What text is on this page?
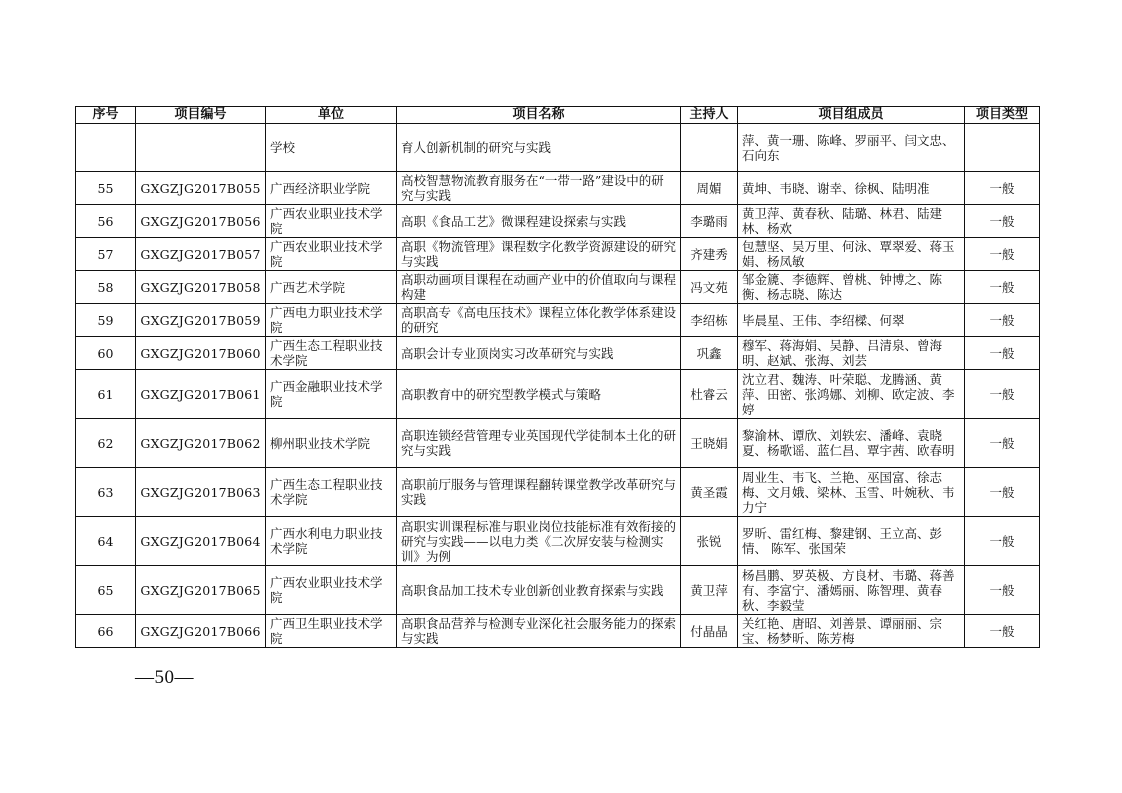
序号	项目编号	单位	项目名称	主持人	项目组成员	项目类型
		学校	育人创新机制的研究与实践		萍、黄一珊、陈峰、罗丽平、闫文忠、石向东	
55	GXGZJG2017B055	广西经济职业学院	高校智慧物流教育服务在“一带一路”建设中的研究与实践	周媚	黄坤、韦晓、谢幸、徐枫、陆明准	一般
56	GXGZJG2017B056	广西农业职业技术学院	高职《食品工艺》微课程建设探索与实践	李璐雨	黄卫萍、黄春秋、陆璐、林君、陆建林、杨欢	一般
57	GXGZJG2017B057	广西农业职业技术学院	高职《物流管理》课程数字化教学资源建设的研究与实践	齐建秀	包慧坚、吴万里、何泳、覃翠爱、蒋玉娟、杨凤敏	一般
58	GXGZJG2017B058	广西艺术学院	高职动画项目课程在动画产业中的价值取向与课程构建	冯文苑	邹金篪、李德辉、曾桃、钟博之、陈衡、杨志晓、陈达	一般
59	GXGZJG2017B059	广西电力职业技术学院	高职高专《高电压技术》课程立体化教学体系建设的研究	李绍栋	毕晨星、王伟、李绍樑、何翠	一般
60	GXGZJG2017B060	广西生态工程职业技术学院	高职会计专业顶岗实习改革研究与实践	巩鑫	穆军、蒋海娟、吴静、吕清泉、曾海明、赵斌、张海、刘芸	一般
61	GXGZJG2017B061	广西金融职业技术学院	高职教育中的研究型教学模式与策略	杜睿云	沈立君、魏涛、叶荣聪、龙腾涵、黄萍、田密、张鸿娜、刘柳、欧定波、李婷	一般
62	GXGZJG2017B062	柳州职业技术学院	高职连锁经营管理专业英国现代学徒制本土化的研究与实践	王晓娟	黎渝林、谭欣、刘轶宏、潘峰、袁晓夏、杨歌谣、蓝仁昌、覃宇茜、欧春明	一般
63	GXGZJG2017B063	广西生态工程职业技术学院	高职前厅服务与管理课程翻转课堂教学改革研究与实践	黄圣霞	周业生、韦飞、兰艳、巫国富、徐志梅、文月娥、梁林、玉雪、叶婉秋、韦力宁	一般
64	GXGZJG2017B064	广西水利电力职业技术学院	高职实训课程标准与职业岗位技能标准有效衔接的研究与实践——以电力类《二次屏安装与检测实训》为例	张锐	罗昕、雷红梅、黎建钢、王立高、彭情、 陈军、张国荣	一般
65	GXGZJG2017B065	广西农业职业技术学院	高职食品加工技术专业创新创业教育探索与实践	黄卫萍	杨昌鹏、罗英极、方良材、韦璐、蒋善有、李富宁、潘嫣丽、陈智理、黄春秋、李毅莹	一般
66	GXGZJG2017B066	广西卫生职业技术学院	高职食品营养与检测专业深化社会服务能力的探索与实践	付晶晶	关红艳、唐昭、刘善景、谭丽丽、宗宝、杨梦昕、陈芳梅	一般
—50—
